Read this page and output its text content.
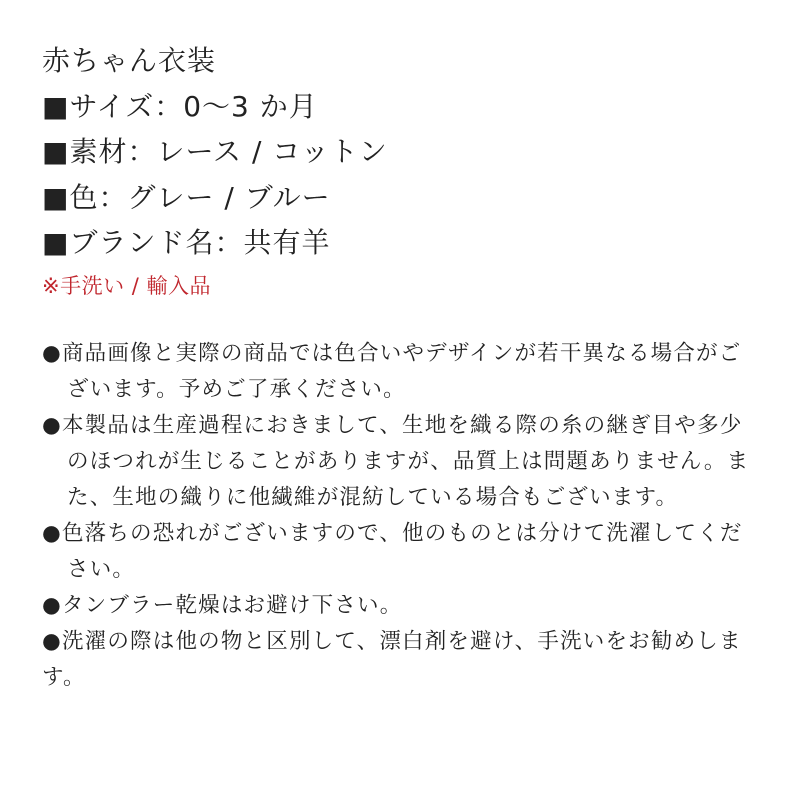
赤ちゃん衣装
■サイズ：0〜3 か月
■素材：レース / コットン
■色：グレー / ブルー
■ブランド名：共有羊
※手洗い / 輸入品
●商品画像と実際の商品では色合いやデザインが若干異なる場合がございます。予めご了承ください。
●本製品は生産過程におきまして、生地を織る際の糸の継ぎ目や多少のほつれが生じることがありますが、品質上は問題ありません。また、生地の織りに他繊維が混紡している場合もございます。
●色落ちの恐れがございますので、他のものとは分けて洗濯してください。
●タンブラー乾燥はお避け下さい。
●洗濯の際は他の物と区別して、漂白剤を避け、手洗いをお勧めします。
